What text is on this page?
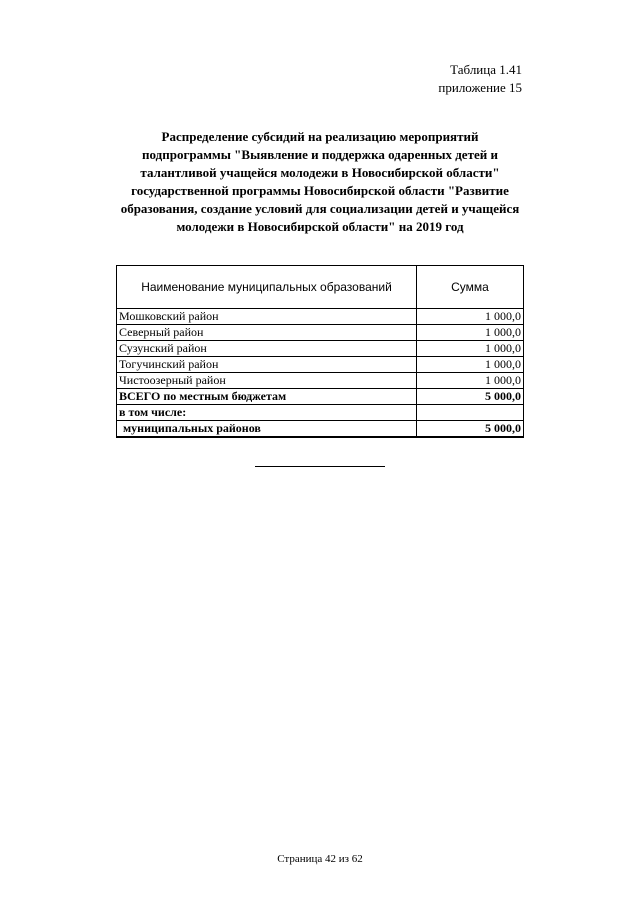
Таблица 1.41
приложение 15
Распределение субсидий на реализацию мероприятий
подпрограммы "Выявление и поддержка одаренных детей и
талантливой учащейся молодежи в Новосибирской области"
государственной программы Новосибирской области "Развитие
образования, создание условий для социализации детей и учащейся
молодежи в Новосибирской области" на 2019 год
Наименование муниципальных образований	Сумма
Мошковский район	1 000,0
Северный район	1 000,0
Сузунский район	1 000,0
Тогучинский район	1 000,0
Чистоозерный район	1 000,0
ВСЕГО по местным бюджетам	5 000,0
в том числе:	
муниципальных районов	5 000,0
Страница 42 из 62
